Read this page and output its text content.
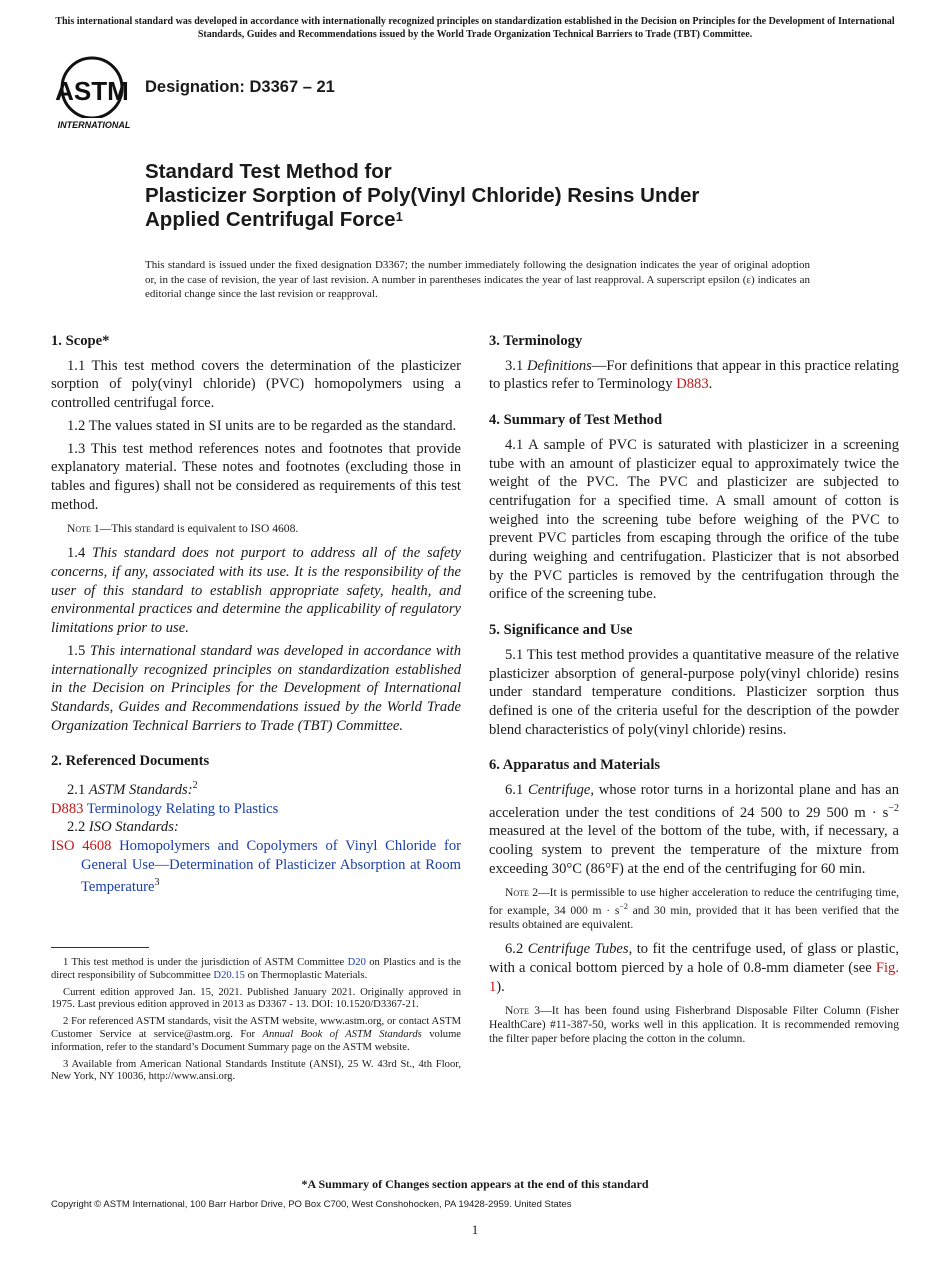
This international standard was developed in accordance with internationally recognized principles on standardization established in the Decision on Principles for the Development of International Standards, Guides and Recommendations issued by the World Trade Organization Technical Barriers to Trade (TBT) Committee.
ASTM
INTERNATIONAL
Designation: D3367 – 21
Standard Test Method for
Plasticizer Sorption of Poly(Vinyl Chloride) Resins Under
Applied Centrifugal Force$^1$
This standard is issued under the fixed designation D3367; the number immediately following the designation indicates the year of original adoption or, in the case of revision, the year of last revision. A number in parentheses indicates the year of last reapproval. A superscript epsilon (ε) indicates an editorial change since the last revision or reapproval.
1. Scope*

1.1 This test method covers the determination of the plasticizer sorption of poly(vinyl chloride) (PVC) homopolymers using a controlled centrifugal force.

1.2 The values stated in SI units are to be regarded as the standard.

1.3 This test method references notes and footnotes that provide explanatory material. These notes and footnotes (excluding those in tables and figures) shall not be considered as requirements of this test method.

Note 1—This standard is equivalent to ISO 4608.

1.4 This standard does not purport to address all of the safety concerns, if any, associated with its use. It is the responsibility of the user of this standard to establish appropriate safety, health, and environmental practices and determine the applicability of regulatory limitations prior to use.

1.5 This international standard was developed in accordance with internationally recognized principles on standardization established in the Decision on Principles for the Development of International Standards, Guides and Recommendations issued by the World Trade Organization Technical Barriers to Trade (TBT) Committee.

2. Referenced Documents
2.1 ASTM Standards:$^2$
D883 Terminology Relating to Plastics
2.2 ISO Standards:
ISO 4608 Homopolymers and Copolymers of Vinyl Chloride for General Use—Determination of Plasticizer Absorption at Room Temperature$^3$

1 This test method is under the jurisdiction of ASTM Committee D20 on Plastics and is the direct responsibility of Subcommittee D20.15 on Thermoplastic Materials.

Current edition approved Jan. 15, 2021. Published January 2021. Originally approved in 1975. Last previous edition approved in 2013 as D3367 - 13. DOI: 10.1520/D3367-21.

2 For referenced ASTM standards, visit the ASTM website, www.astm.org, or contact ASTM Customer Service at service@astm.org. For Annual Book of ASTM Standards volume information, refer to the standard’s Document Summary page on the ASTM website.

3 Available from American National Standards Institute (ANSI), 25 W. 43rd St., 4th Floor, New York, NY 10036, http://www.ansi.org.

3. Terminology

3.1 Definitions—For definitions that appear in this practice relating to plastics refer to Terminology D883.

4. Summary of Test Method

4.1 A sample of PVC is saturated with plasticizer in a screening tube with an amount of plasticizer equal to approximately twice the weight of the PVC. The PVC and plasticizer are subjected to centrifugation for a specified time. A small amount of cotton is weighed into the screening tube before weighing of the PVC to prevent PVC particles from escaping through the orifice of the tube during weighing and centrifugation. Plasticizer that is not absorbed by the PVC particles is removed by the centrifugation through the orifice of the screening tube.

5. Significance and Use

5.1 This test method provides a quantitative measure of the relative plasticizer absorption of general-purpose poly(vinyl chloride) resins under standard temperature conditions. Plasticizer sorption thus defined is one of the criteria useful for the description of the powder blend characteristics of poly(vinyl chloride) resins.

6. Apparatus and Materials

6.1 Centrifuge, whose rotor turns in a horizontal plane and has an acceleration under the test conditions of 24 500 to 29 500 $m \cdot s^{-2}$ measured at the level of the bottom of the tube, with, if necessary, a cooling system to prevent the temperature of the mixture from exceeding 30°C (86°F) at the end of the centrifuging for 60 min.

Note 2—It is permissible to use higher acceleration to reduce the centrifuging time, for example, 34 000 $m \cdot s^{-2}$ and 30 min, provided that it has been verified that the results obtained are equivalent.

6.2 Centrifuge Tubes, to fit the centrifuge used, of glass or plastic, with a conical bottom pierced by a hole of 0.8-mm diameter (see Fig. 1).

Note 3—It has been found using Fisherbrand Disposable Filter Column (Fisher HealthCare) #11-387-50, works well in this application. It is recommended removing the filter paper before placing the cotton in the column.

*A Summary of Changes section appears at the end of this standard
Copyright © ASTM International, 100 Barr Harbor Drive, PO Box C700, West Conshohocken, PA 19428-2959. United States
1
